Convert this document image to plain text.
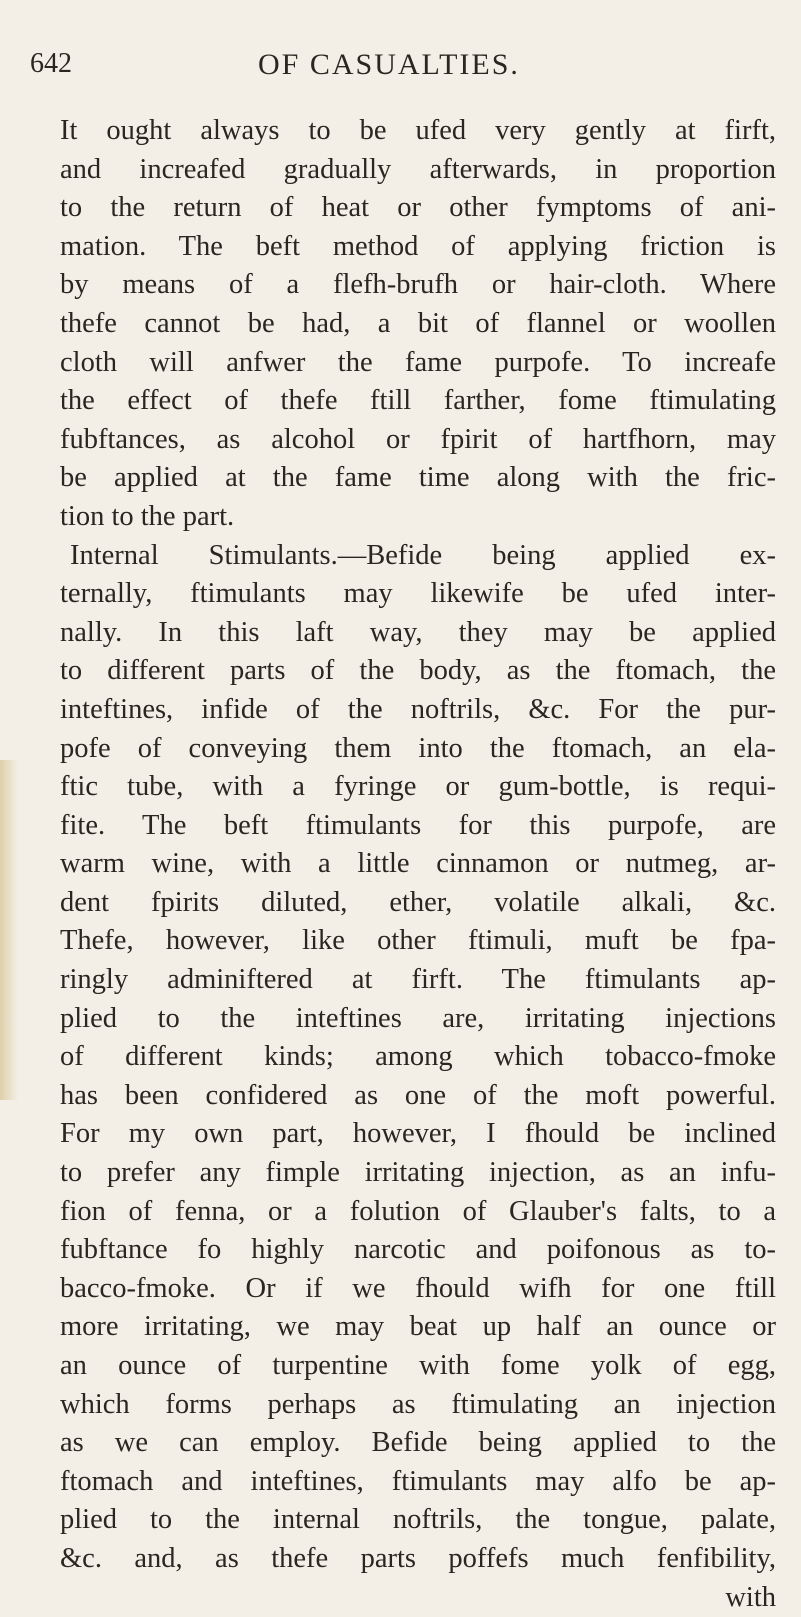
642	OF CASUALTIES.
It ought always to be ufed very gently at firft,
and increafed gradually afterwards, in proportion
to the return of heat or other fymptoms of ani-
mation. The beft method of applying friction is
by means of a flefh-brufh or hair-cloth. Where
thefe cannot be had, a bit of flannel or woollen
cloth will anfwer the fame purpofe. To increafe
the effect of thefe ftill farther, fome ftimulating
fubftances, as alcohol or fpirit of hartfhorn, may
be applied at the fame time along with the fric-
tion to the part.
Internal Stimulants.—Befide being applied ex-
ternally, ftimulants may likewife be ufed inter-
nally. In this laft way, they may be applied
to different parts of the body, as the ftomach, the
inteftines, infide of the noftrils, &c. For the pur-
pofe of conveying them into the ftomach, an ela-
ftic tube, with a fyringe or gum-bottle, is requi-
fite. The beft ftimulants for this purpofe, are
warm wine, with a little cinnamon or nutmeg, ar-
dent fpirits diluted, ether, volatile alkali, &c.
Thefe, however, like other ftimuli, muft be fpa-
ringly adminiftered at firft. The ftimulants ap-
plied to the inteftines are, irritating injections
of different kinds; among which tobacco-fmoke
has been confidered as one of the moft powerful.
For my own part, however, I fhould be inclined
to prefer any fimple irritating injection, as an infu-
fion of fenna, or a folution of Glauber's falts, to a
fubftance fo highly narcotic and poifonous as to-
bacco-fmoke. Or if we fhould wifh for one ftill
more irritating, we may beat up half an ounce or
an ounce of turpentine with fome yolk of egg,
which forms perhaps as ftimulating an injection
as we can employ. Befide being applied to the
ftomach and inteftines, ftimulants may alfo be ap-
plied to the internal noftrils, the tongue, palate,
&c. and, as thefe parts poffefs much fenfibility,
with
